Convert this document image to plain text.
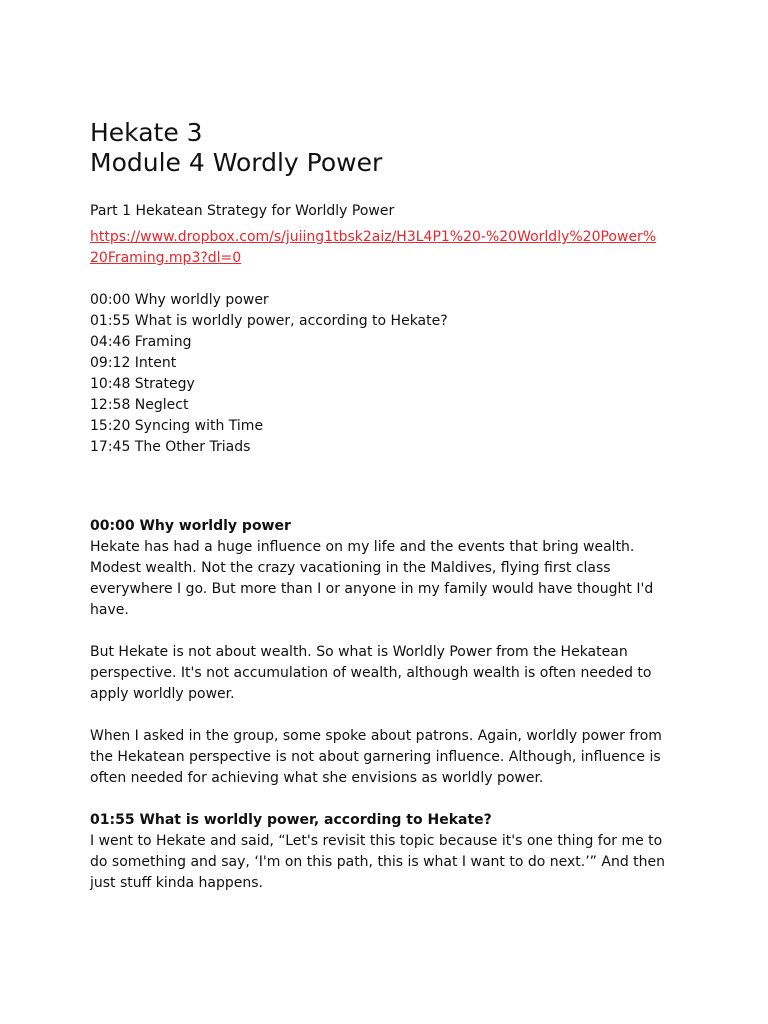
Hekate 3
Module 4 Wordly Power
Part 1 Hekatean Strategy for Worldly Power
https://www.dropbox.com/s/juiing1tbsk2aiz/H3L4P1%20-%20Worldly%20Power%20Framing.mp3?dl=0
00:00 Why worldly power
01:55 What is worldly power, according to Hekate?
04:46 Framing
09:12 Intent
10:48 Strategy
12:58 Neglect
15:20 Syncing with Time
17:45 The Other Triads
00:00 Why worldly power

Hekate has had a huge influence on my life and the events that bring wealth. Modest wealth. Not the crazy vacationing in the Maldives, flying first class everywhere I go. But more than I or anyone in my family would have thought I'd have.

But Hekate is not about wealth. So what is Worldly Power from the Hekatean perspective. It's not accumulation of wealth, although wealth is often needed to apply worldly power.

When I asked in the group, some spoke about patrons. Again, worldly power from the Hekatean perspective is not about garnering influence. Although, influence is often needed for achieving what she envisions as worldly power.

01:55 What is worldly power, according to Hekate?

I went to Hekate and said, “Let's revisit this topic because it's one thing for me to do something and say, ‘I'm on this path, this is what I want to do next.’” And then just stuff kinda happens.
